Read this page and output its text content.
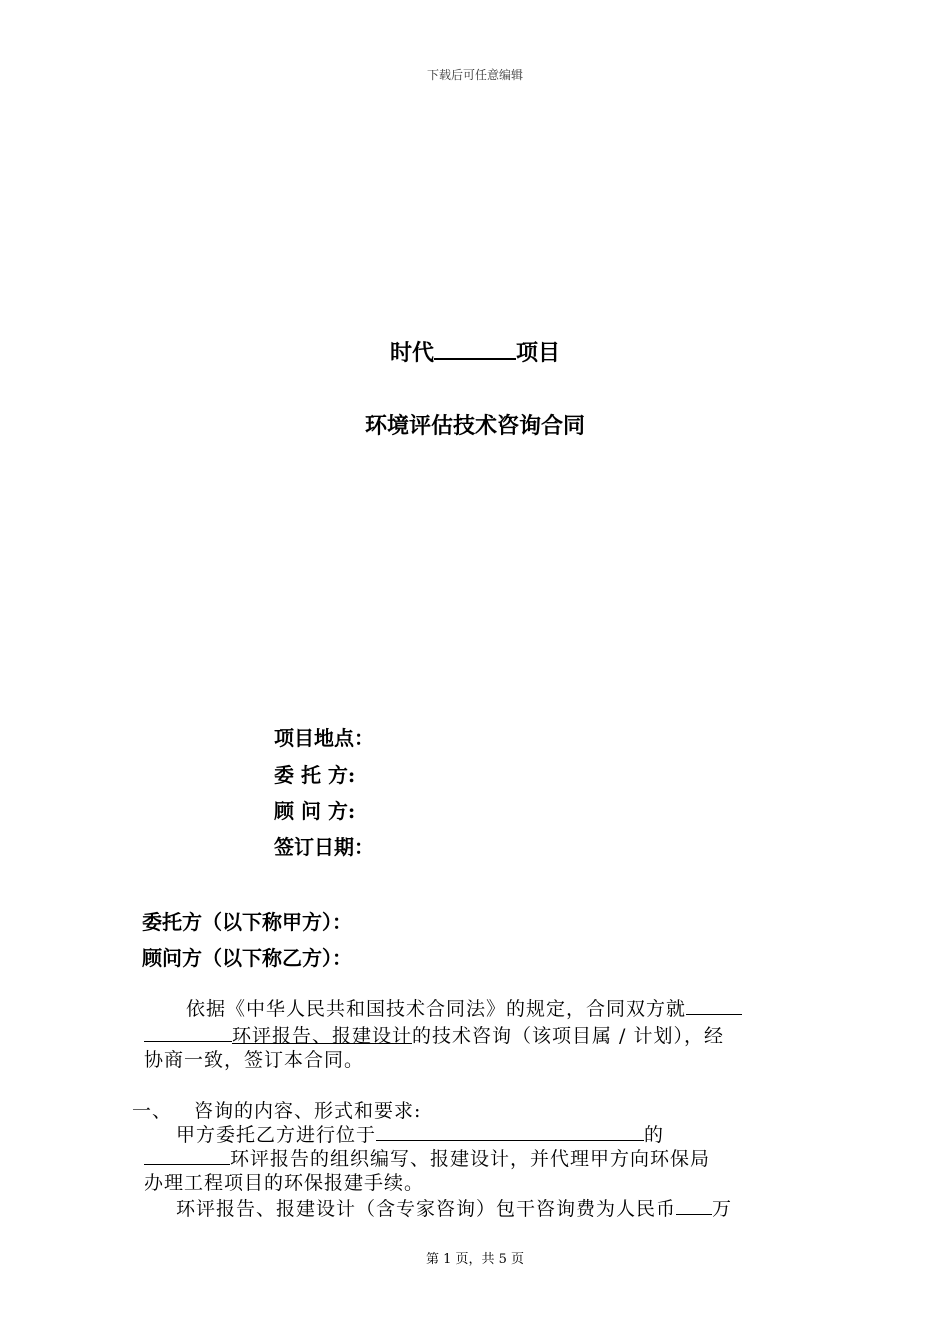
下载后可任意编辑
时代	项目
环境评估技术咨询合同
项目地点：
委 托 方:
顾 问 方:
签订日期：
委托方（以下称甲方）：
顾问方（以下称乙方）：
依据《中华人民共和国技术合同法》的规定，合同双方就
环评报告、报建设计的技术咨询（该项目属 / 计划），经
协商一致，签订本合同。
一、 咨询的内容、形式和要求:
甲方委托乙方进行位于	的
环评报告的组织编写、报建设计，并代理甲方向环保局
办理工程项目的环保报建手续。
环评报告、报建设计（含专家咨询）包干咨询费为人民币 万
第 1 页，共 5 页
